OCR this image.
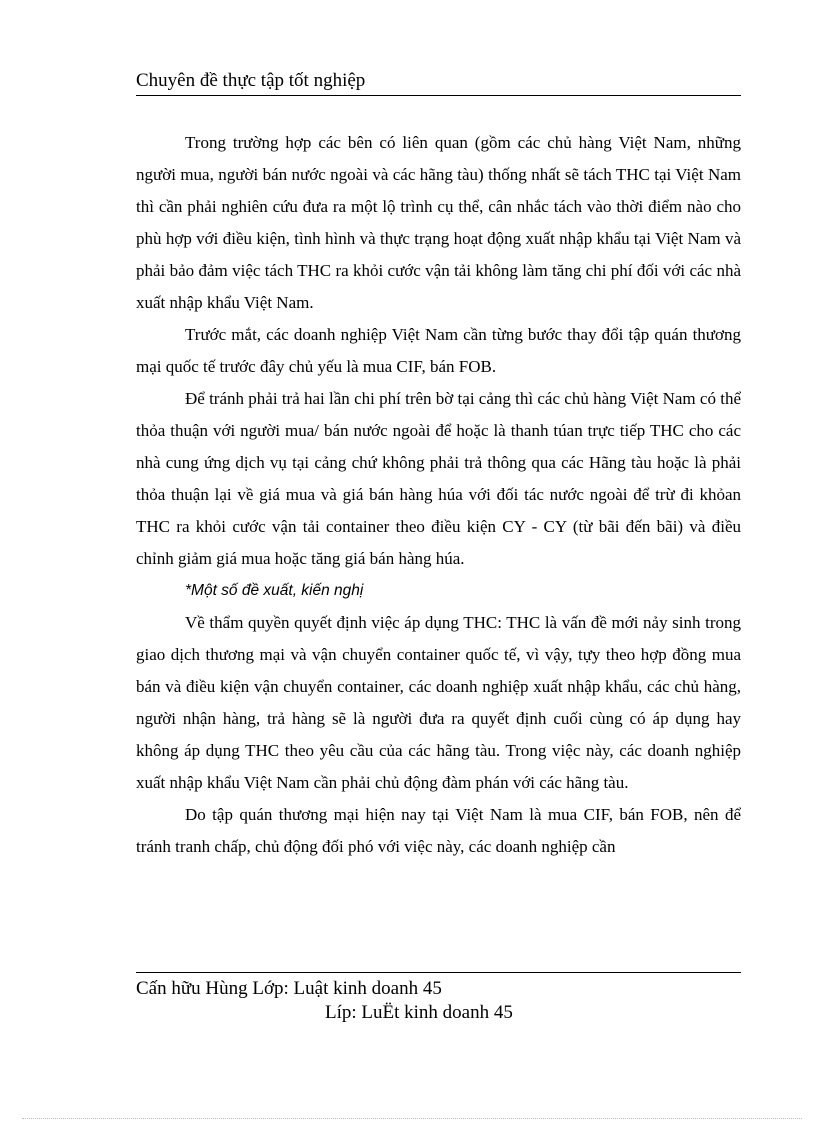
Chuyên đề thực tập tốt nghiệp

Trong trường hợp các bên có liên quan (gồm các chủ hàng Việt Nam, những người mua, người bán nước ngoài và các hãng tàu) thống nhất sẽ tách THC tại Việt Nam thì cần phải nghiên cứu đưa ra một lộ trình cụ thể, cân nhắc tách vào thời điểm nào cho phù hợp với điều kiện, tình hình và thực trạng hoạt động xuất nhập khẩu tại Việt Nam và phải bảo đảm việc tách THC ra khỏi cước vận tải không làm tăng chi phí đối với các nhà xuất nhập khẩu Việt Nam.

Trước mắt, các doanh nghiệp Việt Nam cần từng bước thay đổi tập quán thương mại quốc tế trước đây chủ yếu là mua CIF, bán FOB.

Để tránh phải trả hai lần chi phí trên bờ tại cảng thì các chủ hàng Việt Nam có thể thỏa thuận với người mua/ bán nước ngoài để hoặc là thanh túan trực tiếp THC cho các nhà cung ứng dịch vụ tại cảng chứ không phải trả thông qua các Hãng tàu hoặc là phải thỏa thuận lại về giá mua và giá bán hàng húa với đối tác nước ngoài để trừ đi khỏan THC ra khỏi cước vận tải container theo điều kiện CY - CY (từ bãi đến bãi) và điều chỉnh giảm giá mua hoặc tăng giá bán hàng húa.

*Một số đề xuất, kiến nghị

Về thẩm quyền quyết định việc áp dụng THC: THC là vấn đề mới nảy sinh trong giao dịch thương mại và vận chuyển container quốc tế, vì vậy, tựy theo hợp đồng mua bán và điều kiện vận chuyển container, các doanh nghiệp xuất nhập khẩu, các chủ hàng, người nhận hàng, trả hàng sẽ là người đưa ra quyết định cuối cùng có áp dụng hay không áp dụng THC theo yêu cầu của các hãng tàu. Trong việc này, các doanh nghiệp xuất nhập khẩu Việt Nam cần phải chủ động đàm phán với các hãng tàu.

Do tập quán thương mại hiện nay tại Việt Nam là mua CIF, bán FOB, nên để tránh tranh chấp, chủ động đối phó với việc này, các doanh nghiệp cần

Cấn hữu Hùng Lớp: Luật kinh doanh 45
Líp: LuËt kinh doanh 45
